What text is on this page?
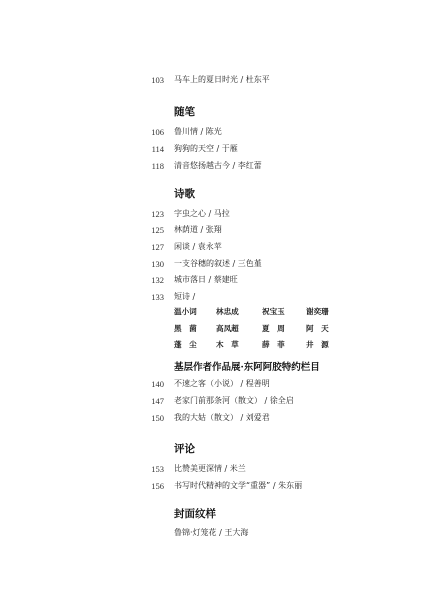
103 马车上的夏日时光 / 杜东平
随笔
106 鲁川情 / 陈光
114 狗狗的天空 / 于雁
118 清音悠扬越古今 / 李红蕾
诗歌
123 字虫之心 / 马拉
125 林荫道 / 张翔
127 闲谈 / 袁永苹
130 一支谷穗的叙述 / 三色堇
132 城市落日 / 蔡建旺
133 短诗 /
温小词	林忠成	祝宝玉	谢奕珊
黑　菌	高凤超	夏　周	阿　天
蓬　尘	木　草	薛　菲	井　源
基层作者作品展·东阿阿胶特约栏目
140 不速之客（小说） / 程善明
147 老家门前那条河（散文） / 徐全启
150 我的大姑（散文） / 刘爱君
评论
153 比赞美更深情 / 米兰
156 书写时代精神的文学“重器” / 朱东丽
封面纹样
鲁锦·灯笼花 / 王大海
